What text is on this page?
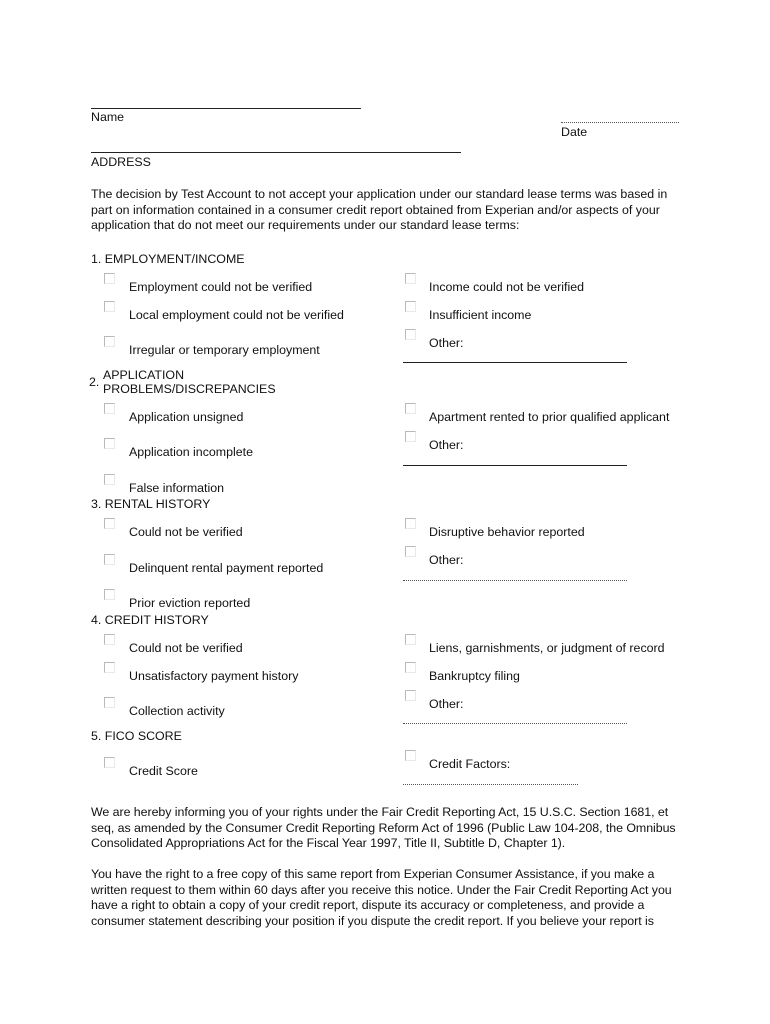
Name
Date
ADDRESS
The decision by Test Account to not accept your application under our standard lease terms was based in part on information contained in a consumer credit report obtained from Experian and/or aspects of your application that do not meet our requirements under our standard lease terms:
1. EMPLOYMENT/INCOME
Employment could not be verified
Local employment could not be verified
Irregular or temporary employment
Income could not be verified
Insufficient income
Other:
2. APPLICATION
PROBLEMS/DISCREPANCIES
Application unsigned
Application incomplete
False information
Apartment rented to prior qualified applicant
Other:
3. RENTAL HISTORY
Could not be verified
Delinquent rental payment reported
Prior eviction reported
Disruptive behavior reported
Other:
4. CREDIT HISTORY
Could not be verified
Unsatisfactory payment history
Collection activity
Liens, garnishments, or judgment of record
Bankruptcy filing
Other:
5. FICO SCORE
Credit Score	Credit Factors:
We are hereby informing you of your rights under the Fair Credit Reporting Act, 15 U.S.C. Section 1681, et seq, as amended by the Consumer Credit Reporting Reform Act of 1996 (Public Law 104-208, the Omnibus Consolidated Appropriations Act for the Fiscal Year 1997, Title II, Subtitle D, Chapter 1).
You have the right to a free copy of this same report from Experian Consumer Assistance, if you make a written request to them within 60 days after you receive this notice. Under the Fair Credit Reporting Act you have a right to obtain a copy of your credit report, dispute its accuracy or completeness, and provide a consumer statement describing your position if you dispute the credit report. If you believe your report is
